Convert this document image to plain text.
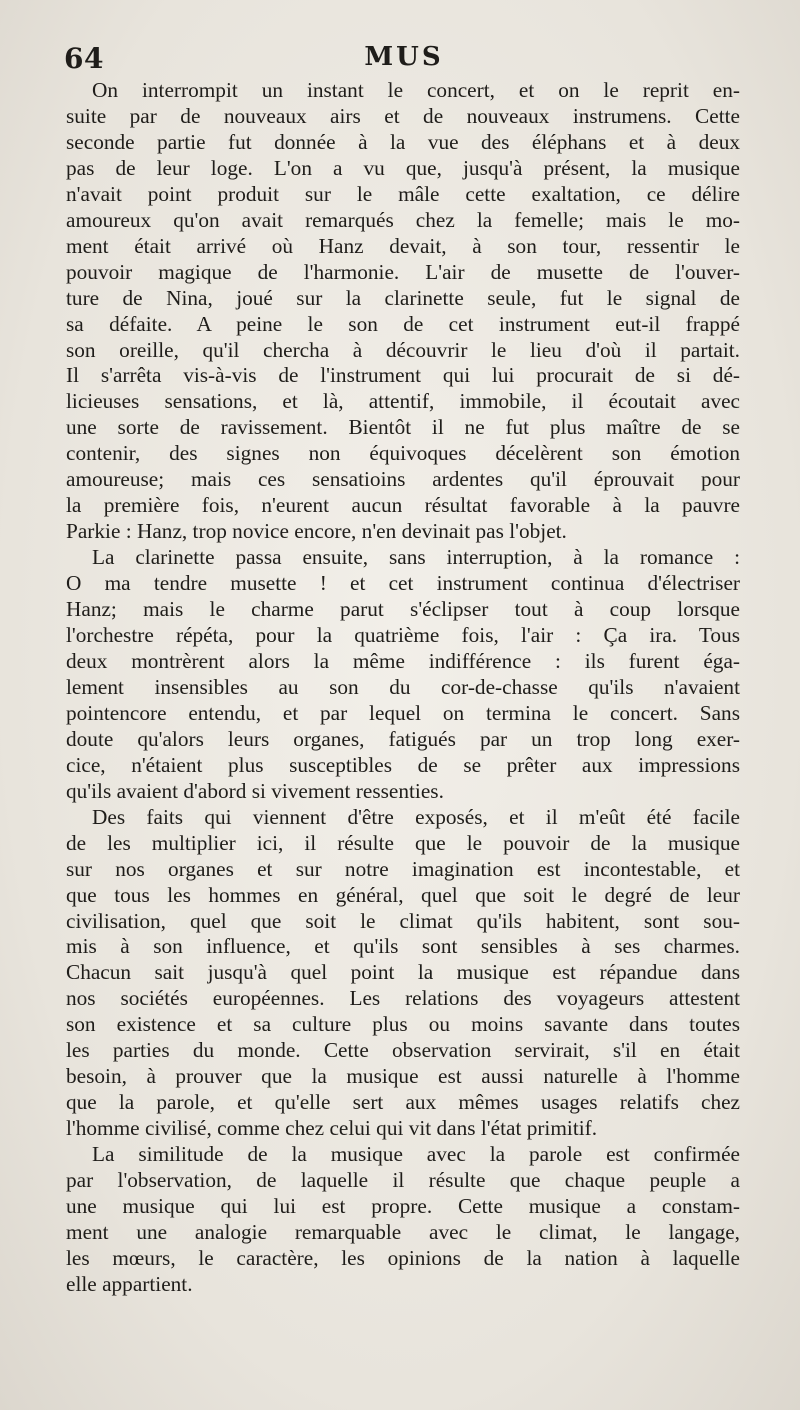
64	MUS
On interrompit un instant le concert, et on le reprit en-
suite par de nouveaux airs et de nouveaux instrumens. Cette
seconde partie fut donnée à la vue des éléphans et à deux
pas de leur loge. L'on a vu que, jusqu'à présent, la musique
n'avait point produit sur le mâle cette exaltation, ce délire
amoureux qu'on avait remarqués chez la femelle; mais le mo-
ment était arrivé où Hanz devait, à son tour, ressentir le
pouvoir magique de l'harmonie. L'air de musette de l'ouver-
ture de Nina, joué sur la clarinette seule, fut le signal de
sa défaite. A peine le son de cet instrument eut-il frappé
son oreille, qu'il chercha à découvrir le lieu d'où il partait.
Il s'arrêta vis-à-vis de l'instrument qui lui procurait de si dé-
licieuses sensations, et là, attentif, immobile, il écoutait avec
une sorte de ravissement. Bientôt il ne fut plus maître de se
contenir, des signes non équivoques décelèrent son émotion
amoureuse; mais ces sensatioins ardentes qu'il éprouvait pour
la première fois, n'eurent aucun résultat favorable à la pauvre
Parkie : Hanz, trop novice encore, n'en devinait pas l'objet.
La clarinette passa ensuite, sans interruption, à la romance :
O ma tendre musette ! et cet instrument continua d'électriser
Hanz; mais le charme parut s'éclipser tout à coup lorsque
l'orchestre répéta, pour la quatrième fois, l'air : Ça ira. Tous
deux montrèrent alors la même indifférence : ils furent éga-
lement insensibles au son du cor-de-chasse qu'ils n'avaient
pointencore entendu, et par lequel on termina le concert. Sans
doute qu'alors leurs organes, fatigués par un trop long exer-
cice, n'étaient plus susceptibles de se prêter aux impressions
qu'ils avaient d'abord si vivement ressenties.
Des faits qui viennent d'être exposés, et il m'eût été facile
de les multiplier ici, il résulte que le pouvoir de la musique
sur nos organes et sur notre imagination est incontestable, et
que tous les hommes en général, quel que soit le degré de leur
civilisation, quel que soit le climat qu'ils habitent, sont sou-
mis à son influence, et qu'ils sont sensibles à ses charmes.
Chacun sait jusqu'à quel point la musique est répandue dans
nos sociétés européennes. Les relations des voyageurs attestent
son existence et sa culture plus ou moins savante dans toutes
les parties du monde. Cette observation servirait, s'il en était
besoin, à prouver que la musique est aussi naturelle à l'homme
que la parole, et qu'elle sert aux mêmes usages relatifs chez
l'homme civilisé, comme chez celui qui vit dans l'état primitif.
La similitude de la musique avec la parole est confirmée
par l'observation, de laquelle il résulte que chaque peuple a
une musique qui lui est propre. Cette musique a constam-
ment une analogie remarquable avec le climat, le langage,
les mœurs, le caractère, les opinions de la nation à laquelle
elle appartient.
